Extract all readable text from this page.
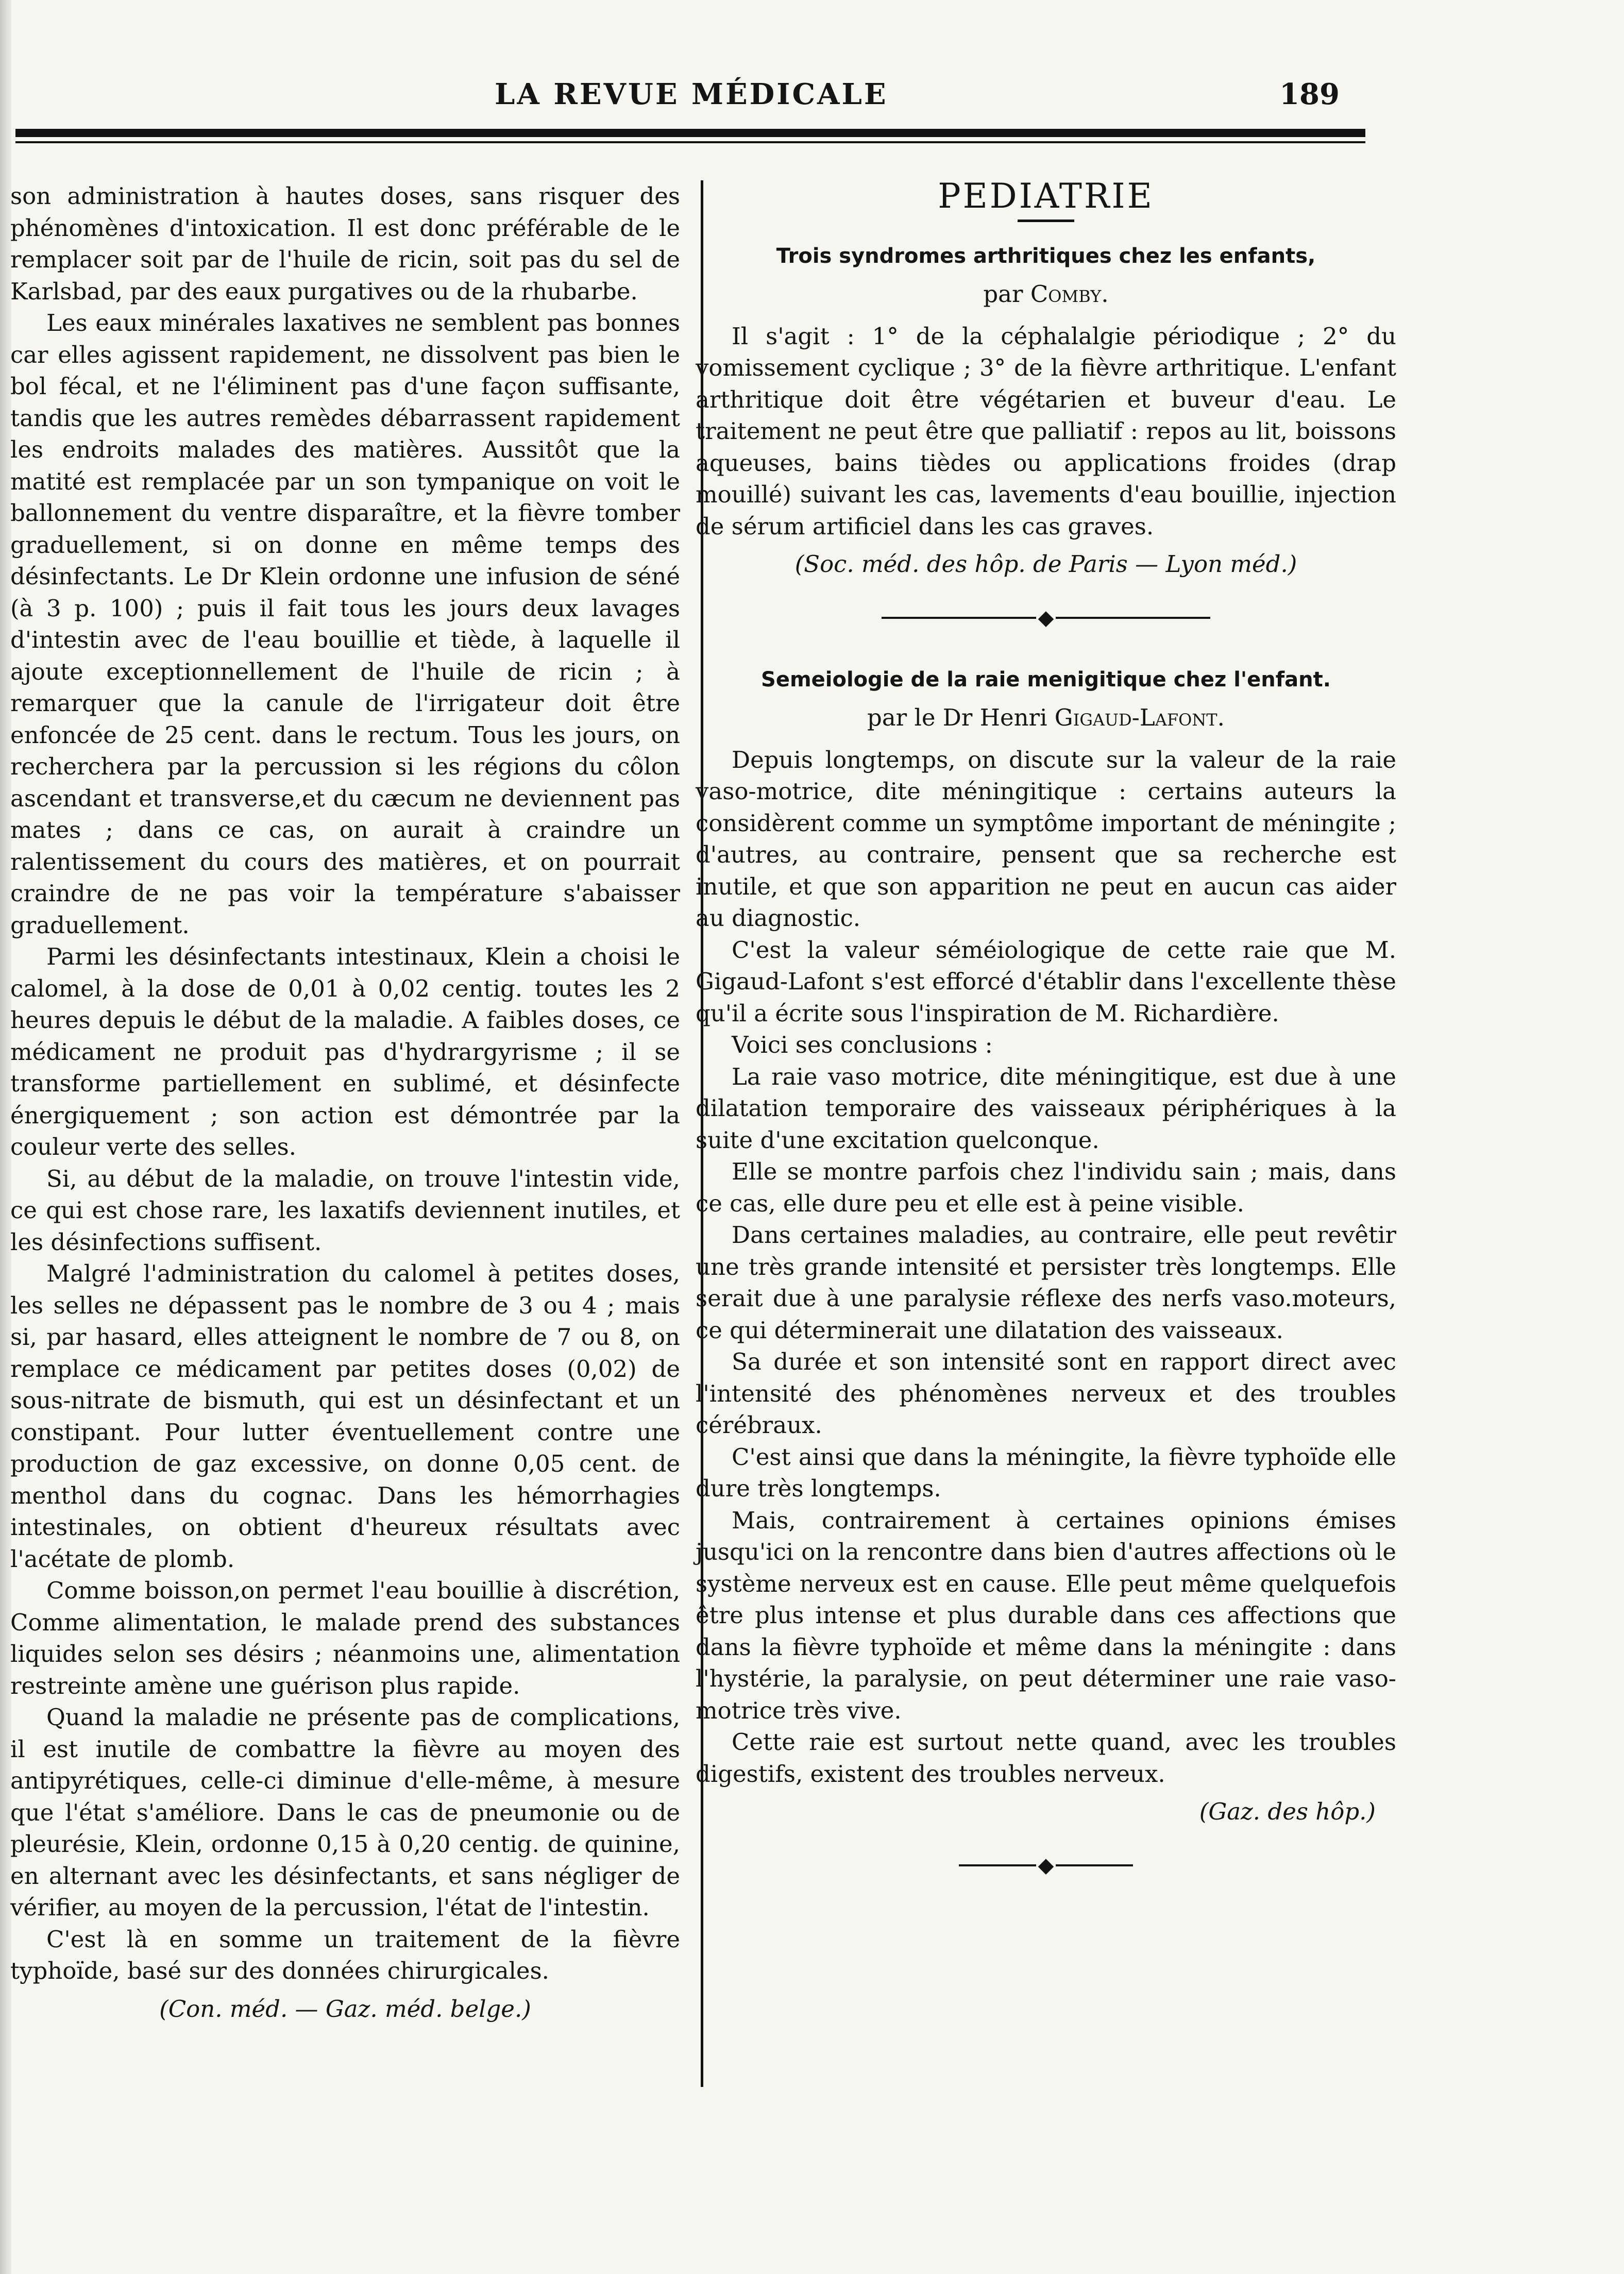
LA REVUE MÉDICALE	189

son administration à hautes doses, sans risquer des phénomènes d'intoxication. Il est donc préférable de le remplacer soit par de l'huile de ricin, soit pas du sel de Karlsbad, par des eaux purgatives ou de la rhubarbe.

Les eaux minérales laxatives ne semblent pas bonnes car elles agissent rapidement, ne dissolvent pas bien le bol fécal, et ne l'éliminent pas d'une façon suffisante, tandis que les autres remèdes débarrassent rapidement les endroits malades des matières. Aussitôt que la matité est remplacée par un son tympanique on voit le ballonnement du ventre disparaître, et la fièvre tomber graduellement, si on donne en même temps des désinfectants. Le Dr Klein ordonne une infusion de séné (à 3 p. 100) ; puis il fait tous les jours deux lavages d'intestin avec de l'eau bouillie et tiède, à laquelle il ajoute exceptionnellement de l'huile de ricin ; à remarquer que la canule de l'irrigateur doit être enfoncée de 25 cent. dans le rectum. Tous les jours, on recherchera par la percussion si les régions du côlon ascendant et transverse,et du cæcum ne deviennent pas mates ; dans ce cas, on aurait à craindre un ralentissement du cours des matières, et on pourrait craindre de ne pas voir la température s'abaisser graduellement.

Parmi les désinfectants intestinaux, Klein a choisi le calomel, à la dose de 0,01 à 0,02 centig. toutes les 2 heures depuis le début de la maladie. A faibles doses, ce médicament ne produit pas d'hydrargyrisme ; il se transforme partiellement en sublimé, et désinfecte énergiquement ; son action est démontrée par la couleur verte des selles.

Si, au début de la maladie, on trouve l'intestin vide, ce qui est chose rare, les laxatifs deviennent inutiles, et les désinfections suffisent.

Malgré l'administration du calomel à petites doses, les selles ne dépassent pas le nombre de 3 ou 4 ; mais si, par hasard, elles atteignent le nombre de 7 ou 8, on remplace ce médicament par petites doses (0,02) de sous-nitrate de bismuth, qui est un désinfectant et un constipant. Pour lutter éventuellement contre une production de gaz excessive, on donne 0,05 cent. de menthol dans du cognac. Dans les hémorrhagies intestinales, on obtient d'heureux résultats avec l'acétate de plomb.

Comme boisson,on permet l'eau bouillie à discrétion, Comme alimentation, le malade prend des substances liquides selon ses désirs ; néanmoins une, alimentation restreinte amène une guérison plus rapide.

Quand la maladie ne présente pas de complications, il est inutile de combattre la fièvre au moyen des antipyrétiques, celle-ci diminue d'elle-même, à mesure que l'état s'améliore. Dans le cas de pneumonie ou de pleurésie, Klein, ordonne 0,15 à 0,20 centig. de quinine, en alternant avec les désinfectants, et sans négliger de vérifier, au moyen de la percussion, l'état de l'intestin.

C'est là en somme un traitement de la fièvre typhoïde, basé sur des données chirurgicales.

(Con. méd. — Gaz. méd. belge.)
PEDIATRIE
Trois syndromes arthritiques chez les enfants,
par Comby.

Il s'agit : 1° de la céphalalgie périodique ; 2° du vomissement cyclique ; 3° de la fièvre arthritique. L'enfant arthritique doit être végétarien et buveur d'eau. Le traitement ne peut être que palliatif : repos au lit, boissons aqueuses, bains tièdes ou applications froides (drap mouillé) suivant les cas, lavements d'eau bouillie, injection de sérum artificiel dans les cas graves.

(Soc. méd. des hôp. de Paris — Lyon méd.)
◆
Semeiologie de la raie menigitique chez l'enfant.
par le Dr Henri Gigaud-Lafont.

Depuis longtemps, on discute sur la valeur de la raie vaso-motrice, dite méningitique : certains auteurs la considèrent comme un symptôme important de méningite ; d'autres, au contraire, pensent que sa recherche est inutile, et que son apparition ne peut en aucun cas aider au diagnostic.

C'est la valeur séméiologique de cette raie que M. Gigaud-Lafont s'est efforcé d'établir dans l'excellente thèse qu'il a écrite sous l'inspiration de M. Richardière.

Voici ses conclusions :

La raie vaso motrice, dite méningitique, est due à une dilatation temporaire des vaisseaux périphériques à la suite d'une excitation quelconque.

Elle se montre parfois chez l'individu sain ; mais, dans ce cas, elle dure peu et elle est à peine visible.

Dans certaines maladies, au contraire, elle peut revêtir une très grande intensité et persister très longtemps. Elle serait due à une paralysie réflexe des nerfs vaso.moteurs, ce qui déterminerait une dilatation des vaisseaux.

Sa durée et son intensité sont en rapport direct avec l'intensité des phénomènes nerveux et des troubles cérébraux.

C'est ainsi que dans la méningite, la fièvre typhoïde elle dure très longtemps.

Mais, contrairement à certaines opinions émises jusqu'ici on la rencontre dans bien d'autres affections où le système nerveux est en cause. Elle peut même quelquefois être plus intense et plus durable dans ces affections que dans la fièvre typhoïde et même dans la méningite : dans l'hystérie, la paralysie, on peut déterminer une raie vaso-motrice très vive.

Cette raie est surtout nette quand, avec les troubles digestifs, existent des troubles nerveux.

(Gaz. des hôp.)
◆
